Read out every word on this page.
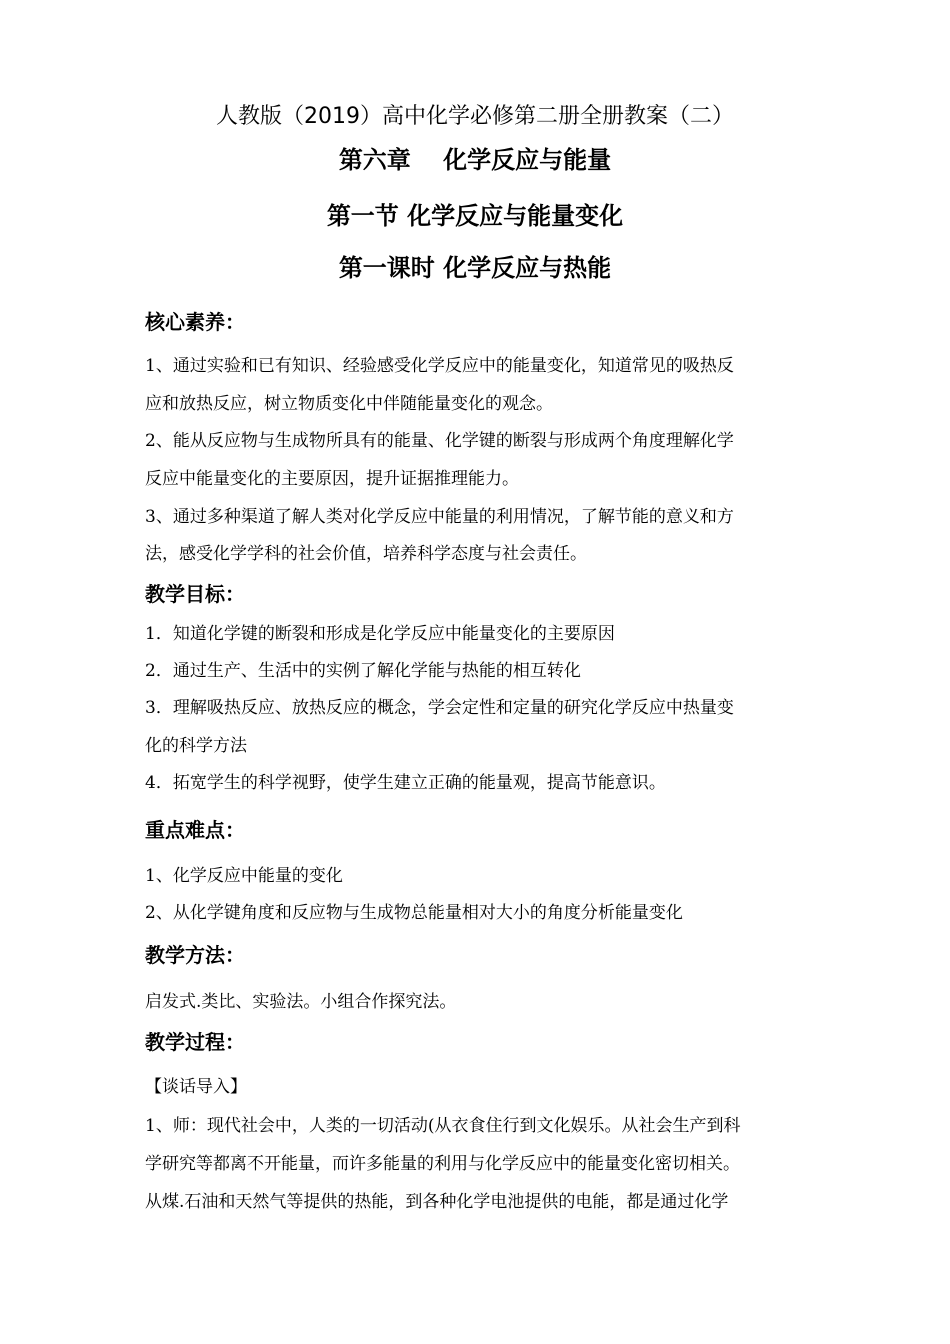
人教版（2019）高中化学必修第二册全册教案（二）
第六章　 化学反应与能量
第一节 化学反应与能量变化
第一课时 化学反应与热能
核心素养：
1、通过实验和已有知识、经验感受化学反应中的能量变化，知道常见的吸热反
应和放热反应，树立物质变化中伴随能量变化的观念。
2、能从反应物与生成物所具有的能量、化学键的断裂与形成两个角度理解化学
反应中能量变化的主要原因，提升证据推理能力。
3、通过多种渠道了解人类对化学反应中能量的利用情况，了解节能的意义和方
法，感受化学学科的社会价值，培养科学态度与社会责任。
教学目标：
1．知道化学键的断裂和形成是化学反应中能量变化的主要原因
2．通过生产、生活中的实例了解化学能与热能的相互转化
3．理解吸热反应、放热反应的概念，学会定性和定量的研究化学反应中热量变
化的科学方法
4．拓宽学生的科学视野，使学生建立正确的能量观，提高节能意识。
重点难点：
1、化学反应中能量的变化
2、从化学键角度和反应物与生成物总能量相对大小的角度分析能量变化
教学方法：
启发式.类比、实验法。小组合作探究法。
教学过程：
【谈话导入】
1、师：现代社会中，人类的一切活动(从衣食住行到文化娱乐。从社会生产到科
学研究等都离不开能量，而许多能量的利用与化学反应中的能量变化密切相关。
从煤.石油和天然气等提供的热能，到各种化学电池提供的电能，都是通过化学
